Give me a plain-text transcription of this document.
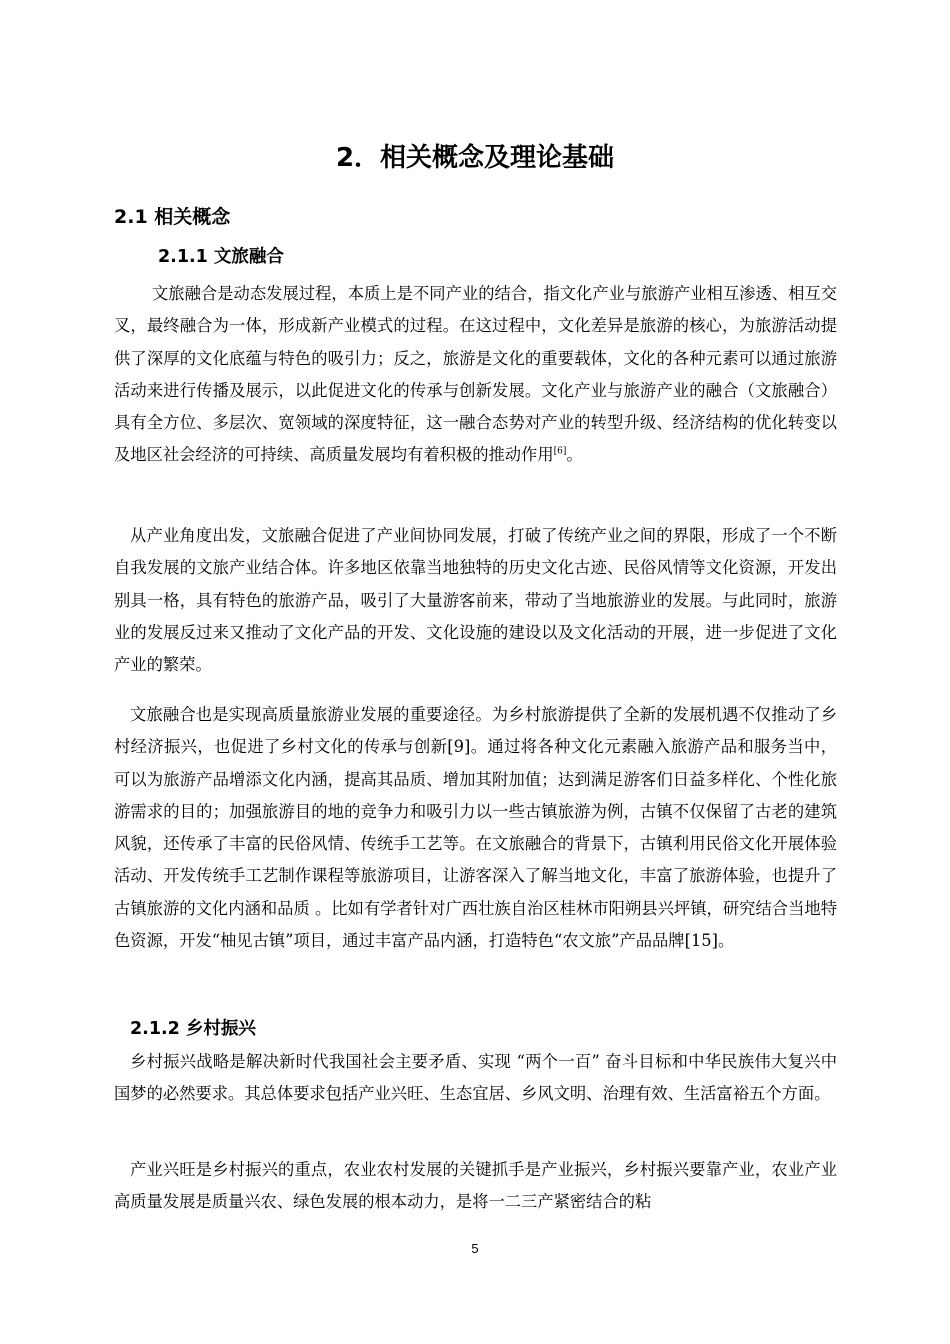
2．相关概念及理论基础
2.1 相关概念
2.1.1 文旅融合

文旅融合是动态发展过程，本质上是不同产业的结合，指文化产业与旅游产业相互渗透、相互交叉，最终融合为一体，形成新产业模式的过程。在这过程中，文化差异是旅游的核心，为旅游活动提供了深厚的文化底蕴与特色的吸引力；反之，旅游是文化的重要载体，文化的各种元素可以通过旅游活动来进行传播及展示，以此促进文化的传承与创新发展。文化产业与旅游产业的融合（文旅融合）具有全方位、多层次、宽领域的深度特征，这一融合态势对产业的转型升级、经济结构的优化转变以及地区社会经济的可持续、高质量发展均有着积极的推动作用[6]。

从产业角度出发，文旅融合促进了产业间协同发展，打破了传统产业之间的界限，形成了一个不断自我发展的文旅产业结合体。许多地区依靠当地独特的历史文化古迹、民俗风情等文化资源，开发出别具一格，具有特色的旅游产品，吸引了大量游客前来，带动了当地旅游业的发展。与此同时，旅游业的发展反过来又推动了文化产品的开发、文化设施的建设以及文化活动的开展，进一步促进了文化产业的繁荣。

文旅融合也是实现高质量旅游业发展的重要途径。为乡村旅游提供了全新的发展机遇不仅推动了乡村经济振兴，也促进了乡村文化的传承与创新[9]。通过将各种文化元素融入旅游产品和服务当中，可以为旅游产品增添文化内涵，提高其品质、增加其附加值；达到满足游客们日益多样化、个性化旅游需求的目的；加强旅游目的地的竞争力和吸引力以一些古镇旅游为例，古镇不仅保留了古老的建筑风貌，还传承了丰富的民俗风情、传统手工艺等。在文旅融合的背景下，古镇利用民俗文化开展体验活动、开发传统手工艺制作课程等旅游项目，让游客深入了解当地文化，丰富了旅游体验，也提升了古镇旅游的文化内涵和品质 。比如有学者针对广西壮族自治区桂林市阳朔县兴坪镇，研究结合当地特色资源，开发“柚见古镇”项目，通过丰富产品内涵，打造特色“农文旅”产品品牌[15]。

2.1.2 乡村振兴

乡村振兴战略是解决新时代我国社会主要矛盾、实现 “两个一百” 奋斗目标和中华民族伟大复兴中国梦的必然要求。其总体要求包括产业兴旺、生态宜居、乡风文明、治理有效、生活富裕五个方面。

产业兴旺是乡村振兴的重点，农业农村发展的关键抓手是产业振兴，乡村振兴要靠产业，农业产业高质量发展是质量兴农、绿色发展的根本动力，是将一二三产紧密结合的粘

5
